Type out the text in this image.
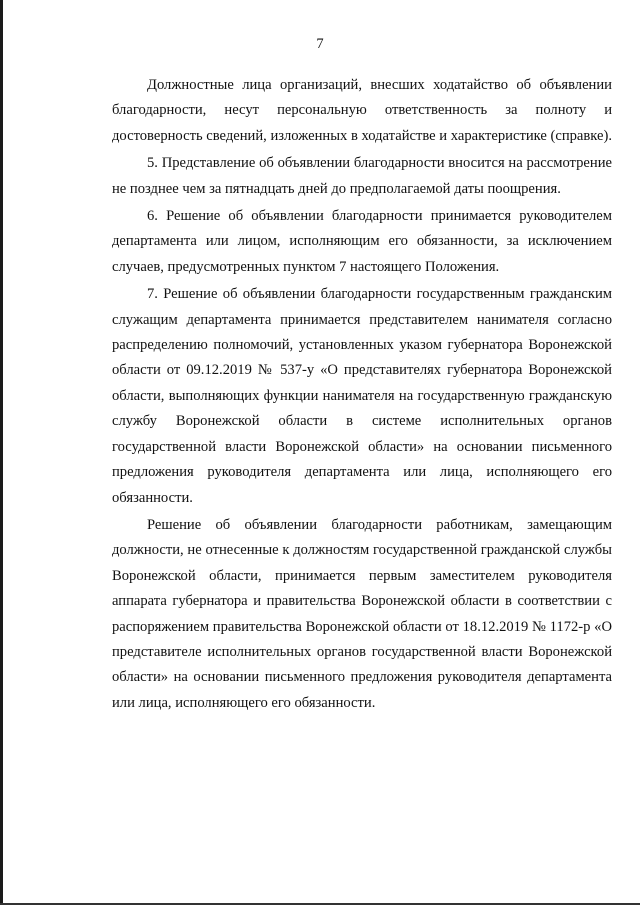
7

Должностные лица организаций, внесших ходатайство об объявлении благодарности, несут персональную ответственность за полноту и достоверность сведений, изложенных в ходатайстве и характеристике (справке).

5. Представление об объявлении благодарности вносится на рассмотрение не позднее чем за пятнадцать дней до предполагаемой даты поощрения.

6. Решение об объявлении благодарности принимается руководителем департамента или лицом, исполняющим его обязанности, за исключением случаев, предусмотренных пунктом 7 настоящего Положения.

7. Решение об объявлении благодарности государственным гражданским служащим департамента принимается представителем нанимателя согласно распределению полномочий, установленных указом губернатора Воронежской области от 09.12.2019 № 537-у «О представителях губернатора Воронежской области, выполняющих функции нанимателя на государственную гражданскую службу Воронежской области в системе исполнительных органов государственной власти Воронежской области» на основании письменного предложения руководителя департамента или лица, исполняющего его обязанности.

Решение об объявлении благодарности работникам, замещающим должности, не отнесенные к должностям государственной гражданской службы Воронежской области, принимается первым заместителем руководителя аппарата губернатора и правительства Воронежской области в соответствии с распоряжением правительства Воронежской области от 18.12.2019 № 1172-р «О представителе исполнительных органов государственной власти Воронежской области» на основании письменного предложения руководителя департамента или лица, исполняющего его обязанности.
